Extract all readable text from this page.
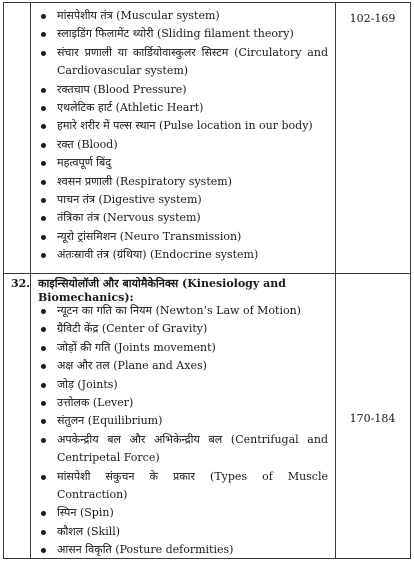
मांसपेशीय तंत्र (Muscular system)
स्लाइडिंग फिलामेंट थ्योरी (Sliding filament theory)
संचार प्रणाली या कार्डियोवास्कुलर सिस्टम (Circulatory and Cardiovascular system)
रक्तचाप (Blood Pressure)
एथलेटिक हार्ट (Athletic Heart)
हमारे शरीर में पल्स स्थान (Pulse location in our body)
रक्त (Blood)
महत्वपूर्ण बिंदु
श्वसन प्रणाली (Respiratory system)
पाचन तंत्र (Digestive system)
तंत्रिका तंत्र (Nervous system)
न्यूरो ट्रांसमिशन (Neuro Transmission)
अंतःस्रावी तंत्र (ग्रंथिया) (Endocrine system)
102-169
32. काइन्सियोलॉजी और बायोमैकेनिक्स (Kinesiology and Biomechanics):
न्यूटन का गति का नियम (Newton’s Law of Motion)
ग्रैविटी केंद्र (Center of Gravity)
जोड़ों की गति (Joints movement)
अक्ष और तल (Plane and Axes)
जोड़ (Joints)
उत्तोलक (Lever)
संतुलन (Equilibrium)
अपकेन्द्रीय बल और अभिकेन्द्रीय बल (Centrifugal and Centripetal Force)
मांसपेशी संकुचन के प्रकार (Types of Muscle Contraction)
स्पिन (Spin)
कौशल (Skill)
आसन विकृति (Posture deformities)
170-184
